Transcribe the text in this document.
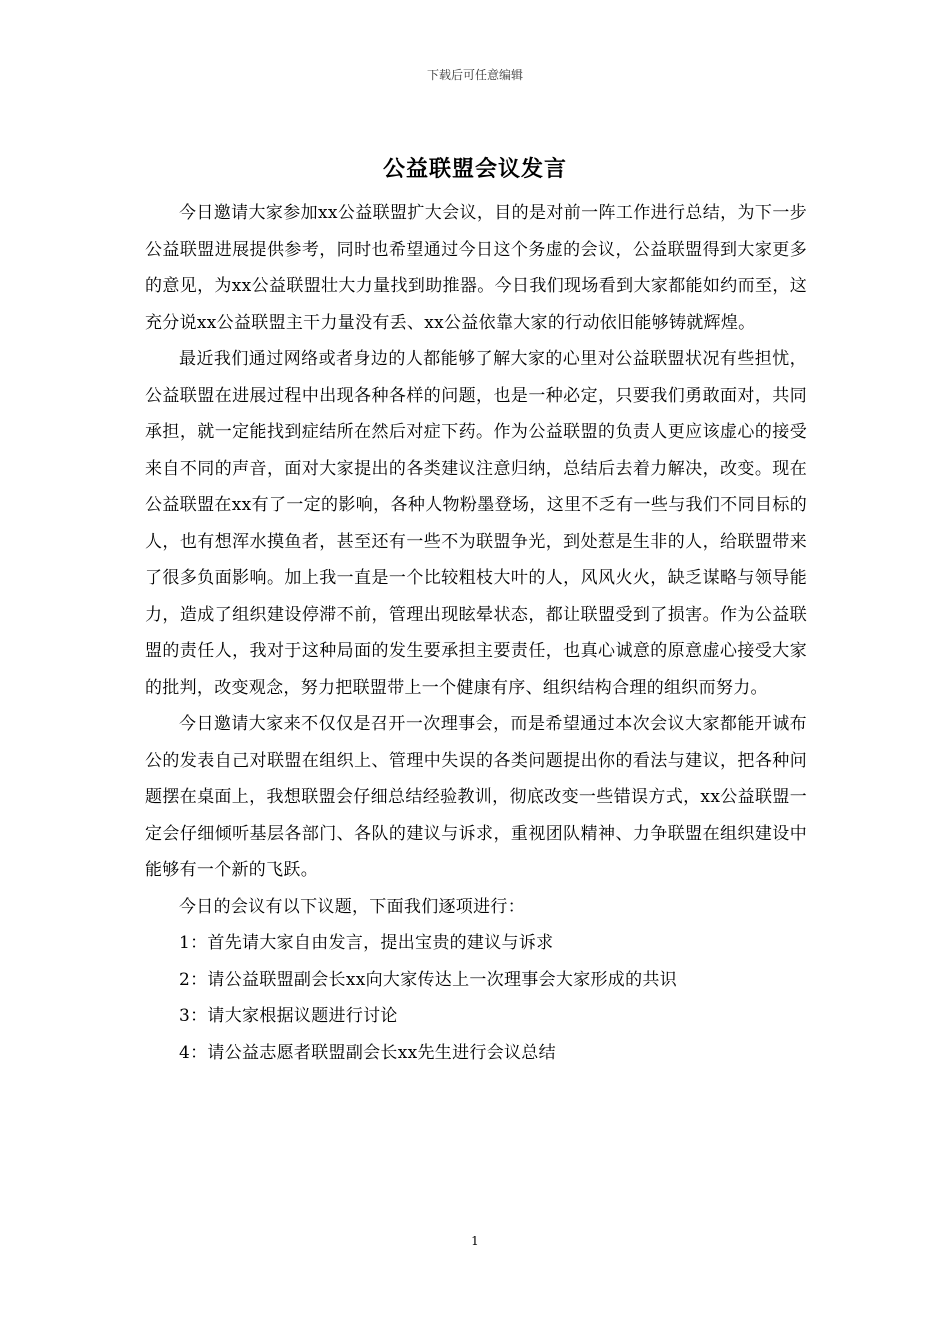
下载后可任意编辑
公益联盟会议发言

今日邀请大家参加xx公益联盟扩大会议，目的是对前一阵工作进行总结，为下一步公益联盟进展提供参考，同时也希望通过今日这个务虚的会议，公益联盟得到大家更多的意见，为xx公益联盟壮大力量找到助推器。今日我们现场看到大家都能如约而至，这充分说xx公益联盟主干力量没有丢、xx公益依靠大家的行动依旧能够铸就辉煌。

最近我们通过网络或者身边的人都能够了解大家的心里对公益联盟状况有些担忧，公益联盟在进展过程中出现各种各样的问题，也是一种必定，只要我们勇敢面对，共同承担，就一定能找到症结所在然后对症下药。作为公益联盟的负责人更应该虚心的接受来自不同的声音，面对大家提出的各类建议注意归纳，总结后去着力解决，改变。现在公益联盟在xx有了一定的影响，各种人物粉墨登场，这里不乏有一些与我们不同目标的人，也有想浑水摸鱼者，甚至还有一些不为联盟争光，到处惹是生非的人，给联盟带来了很多负面影响。加上我一直是一个比较粗枝大叶的人，风风火火，缺乏谋略与领导能力，造成了组织建设停滞不前，管理出现眩晕状态，都让联盟受到了损害。作为公益联盟的责任人，我对于这种局面的发生要承担主要责任，也真心诚意的原意虚心接受大家的批判，改变观念，努力把联盟带上一个健康有序、组织结构合理的组织而努力。

今日邀请大家来不仅仅是召开一次理事会，而是希望通过本次会议大家都能开诚布公的发表自己对联盟在组织上、管理中失误的各类问题提出你的看法与建议，把各种问题摆在桌面上，我想联盟会仔细总结经验教训，彻底改变一些错误方式，xx公益联盟一定会仔细倾听基层各部门、各队的建议与诉求，重视团队精神、力争联盟在组织建设中能够有一个新的飞跃。

今日的会议有以下议题，下面我们逐项进行：

1：首先请大家自由发言，提出宝贵的建议与诉求
2：请公益联盟副会长xx向大家传达上一次理事会大家形成的共识
3：请大家根据议题进行讨论
4：请公益志愿者联盟副会长xx先生进行会议总结
1
